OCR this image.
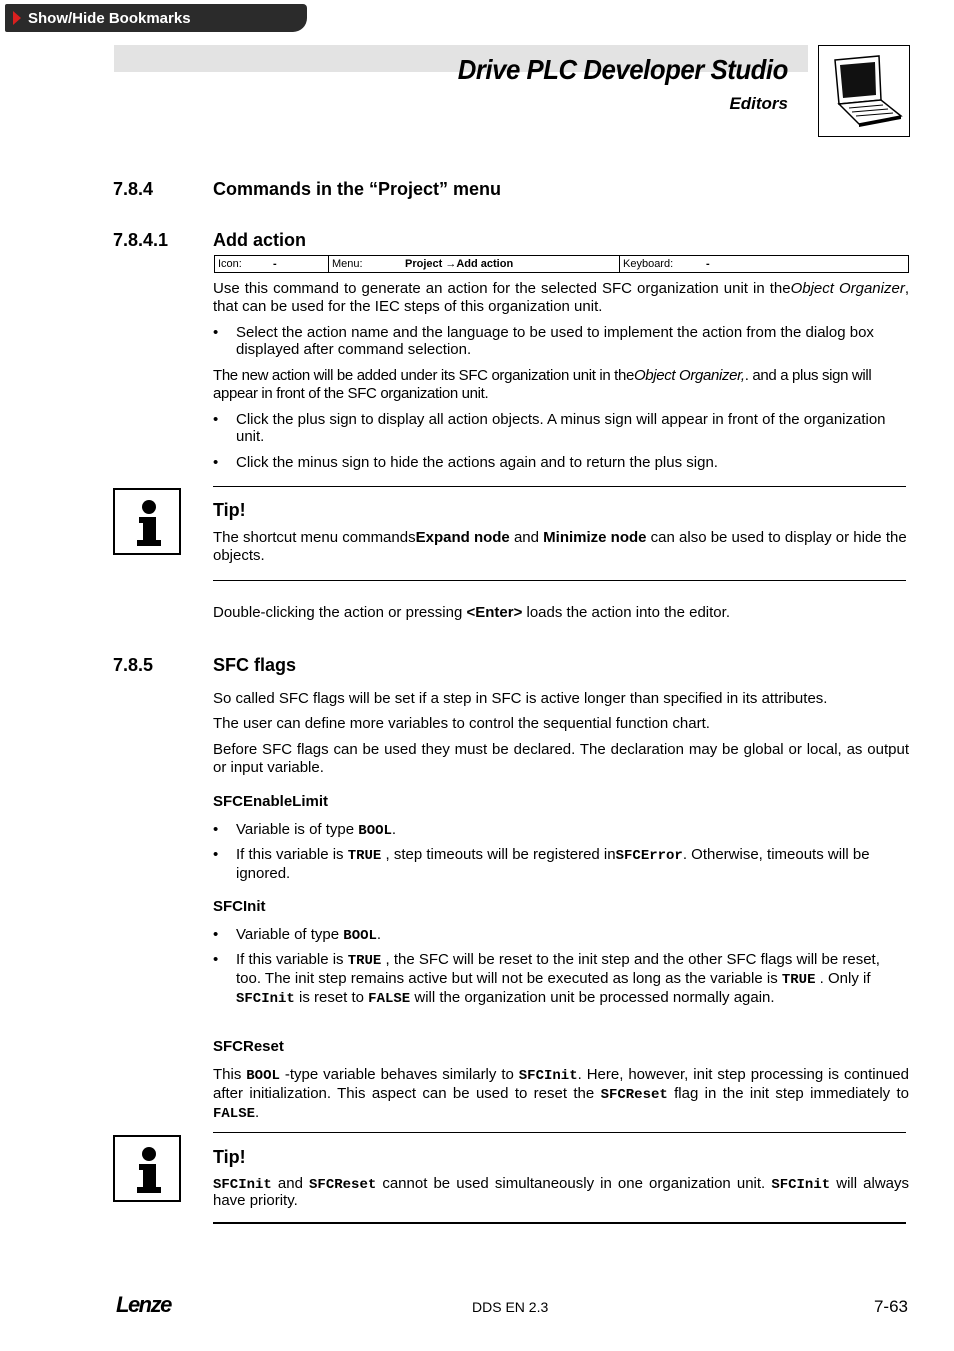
Show/Hide Bookmarks
Drive PLC Developer Studio
Editors
7.8.4	Commands in the “Project” menu
7.8.4.1 Add action
Icon:	-	Menu:	Project →Add action	Keyboard:	-
Use this command to generate an action for the selected SFC organization unit in theObject Organizer, that can be used for the IEC steps of this organization unit.
• Select the action name and the language to be used to implement the action from the dialog box displayed after command selection.
The new action will be added under its SFC organization unit in theObject Organizer,. and a plus sign will appear in front of the SFC organization unit.
• Click the plus sign to display all action objects. A minus sign will appear in front of the organization unit.
• Click the minus sign to hide the actions again and to return the plus sign.
Tip!
The shortcut menu commandsExpand node and Minimize node can also be used to display or hide the objects.
Double-clicking the action or pressing <Enter> loads the action into the editor.
7.8.5	SFC flags
So called SFC flags will be set if a step in SFC is active longer than specified in its attributes.
The user can define more variables to control the sequential function chart.
Before SFC flags can be used they must be declared. The declaration may be global or local, as output or input variable.
SFCEnableLimit
• Variable is of type BOOL.
• If this variable is TRUE , step timeouts will be registered inSFCError. Otherwise, timeouts will be ignored.
SFCInit
• Variable of type BOOL.
• If this variable is TRUE , the SFC will be reset to the init step and the other SFC flags will be reset, too. The init step remains active but will not be executed as long as the variable is TRUE . Only if SFCInit is reset to FALSE will the organization unit be processed normally again.
SFCReset
This BOOL -type variable behaves similarly to SFCInit. Here, however, init step processing is continued after initialization. This aspect can be used to reset the SFCReset flag in the init step immediately to FALSE.
Tip!
SFCInit and SFCReset cannot be used simultaneously in one organization unit. SFCInit will always have priority.
Lenze	DDS EN 2.3	7-63
